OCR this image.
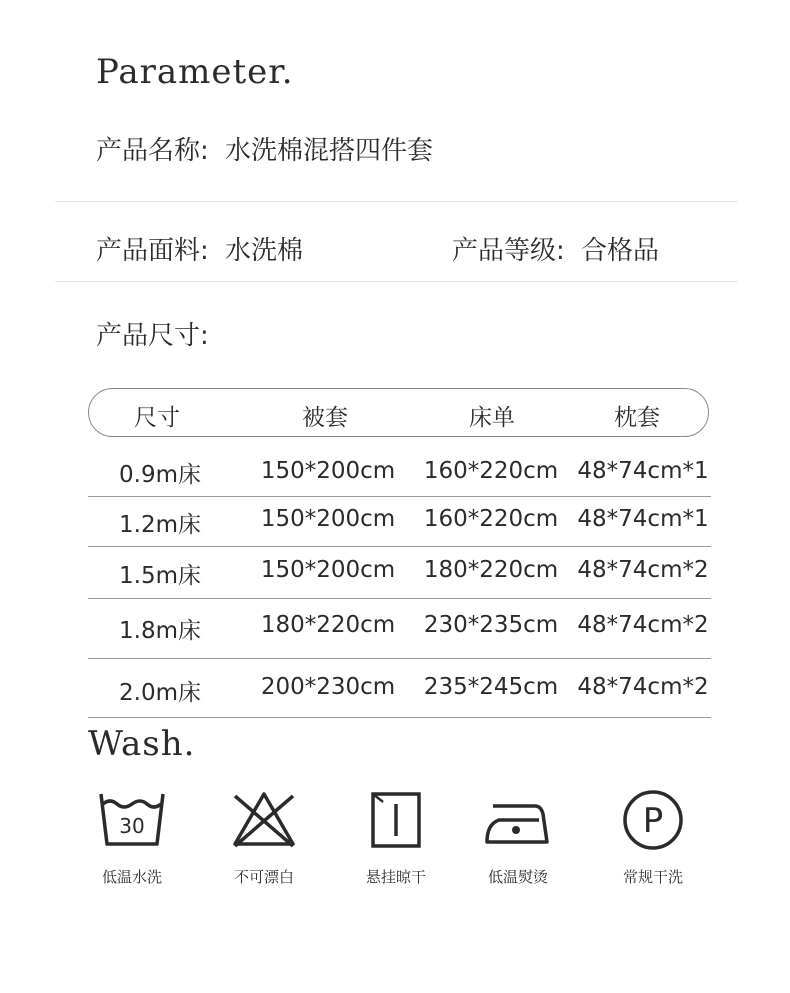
Parameter.
产品名称: 水洗棉混搭四件套
产品面料: 水洗棉	产品等级: 合格品
产品尺寸:
尺寸	被套	床单	枕套
0.9m床	150*200cm 160*220cm 48*74cm*1
1.2m床	150*200cm 160*220cm 48*74cm*1
1.5m床	150*200cm 180*220cm 48*74cm*2
1.8m床	180*220cm 230*235cm 48*74cm*2
2.0m床	200*230cm 235*245cm 48*74cm*2
Wash.
30
低温水洗	不可漂白	悬挂晾干	低温熨烫
P
常规干洗
